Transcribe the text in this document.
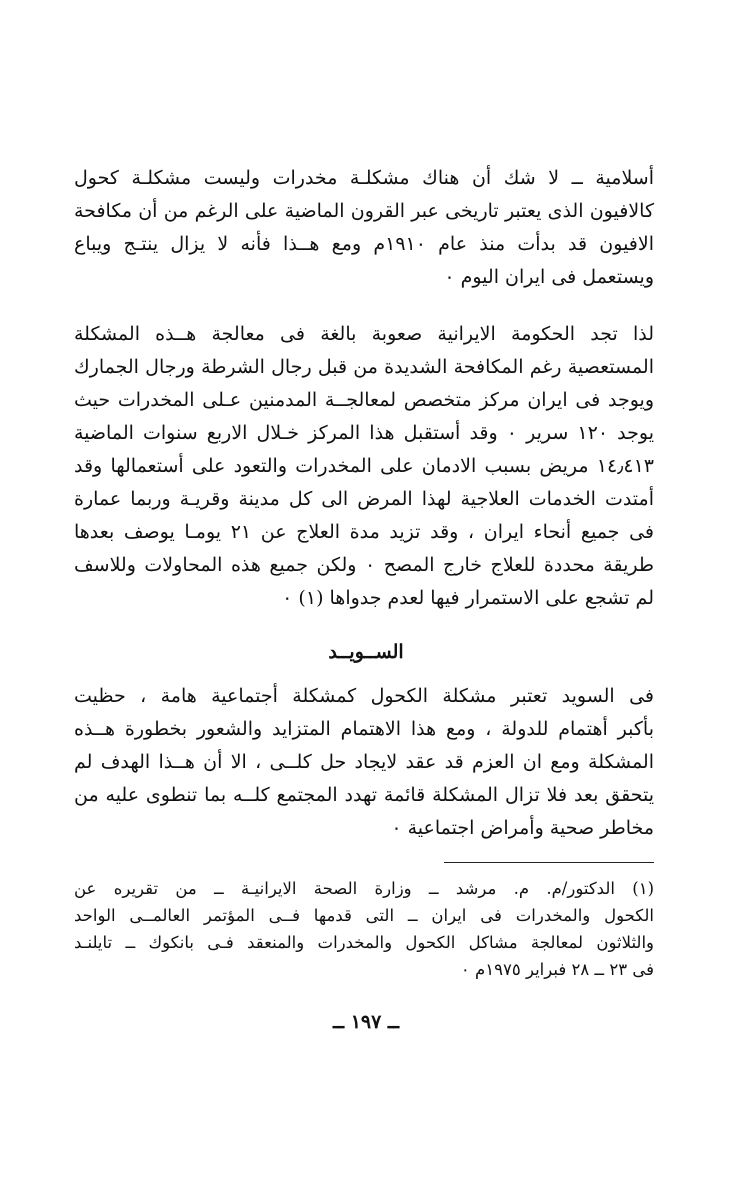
أسلامية ــ لا شك أن هناك مشكلـة مخدرات وليست مشكلـة كحول
كالافيون الذى يعتبر تاريخى عبر القرون الماضية على الرغم من أن مكافحة
الافيون قد بدأت منذ عام ١٩١٠م ومع هــذا فأنه لا يزال ينتـج ويباع
ويستعمل فى ايران اليوم ٠
لذا تجد الحكومة الايرانية صعوبة بالغة فى معالجة هــذه المشكلة
المستعصية رغم المكافحة الشديدة من قبل رجال الشرطة ورجال الجمارك
ويوجد فى ايران مركز متخصص لمعالجــة المدمنين عـلى المخدرات حيث
يوجد ١٢٠ سرير ٠ وقد أستقبل هذا المركز خـلال الاربع سنوات الماضية
١٤٫٤١٣ مريض بسبب الادمان على المخدرات والتعود على أستعمالها وقد
أمتدت الخدمات العلاجية لهذا المرض الى كل مدينة وقريـة وربما عمارة
فى جميع أنحاء ايران ، وقد تزيد مدة العلاج عن ٢١ يومـا يوصف بعدها
طريقة محددة للعلاج خارج المصح ٠ ولكن جميع هذه المحاولات وللاسف
لم تشجع على الاستمرار فيها لعدم جدواها (١) ٠
الســويــد
فى السويد تعتبر مشكلة الكحول كمشكلة أجتماعية هامة ، حظيت
بأكبر أهتمام للدولة ، ومع هذا الاهتمام المتزايد والشعور بخطورة هــذه
المشكلة ومع ان العزم قد عقد لايجاد حل كلــى ، الا أن هــذا الهدف لم
يتحقق بعد فلا تزال المشكلة قائمة تهدد المجتمع كلــه بما تنطوى عليه من
مخاطر صحية وأمراض اجتماعية ٠
(١) الدكتور/م. م. مرشد ــ وزارة الصحة الايرانيـة ــ من تقريره عن
الكحول والمخدرات فى ايران ــ التى قدمها فــى المؤتمر العالمــى الواحد
والثلاثون لمعالجة مشاكل الكحول والمخدرات والمنعقد فـى بانكوك ــ تايلنـد
فى ٢٣ ــ ٢٨ فبراير ١٩٧٥م ٠
ــ ١٩٧ ــ
